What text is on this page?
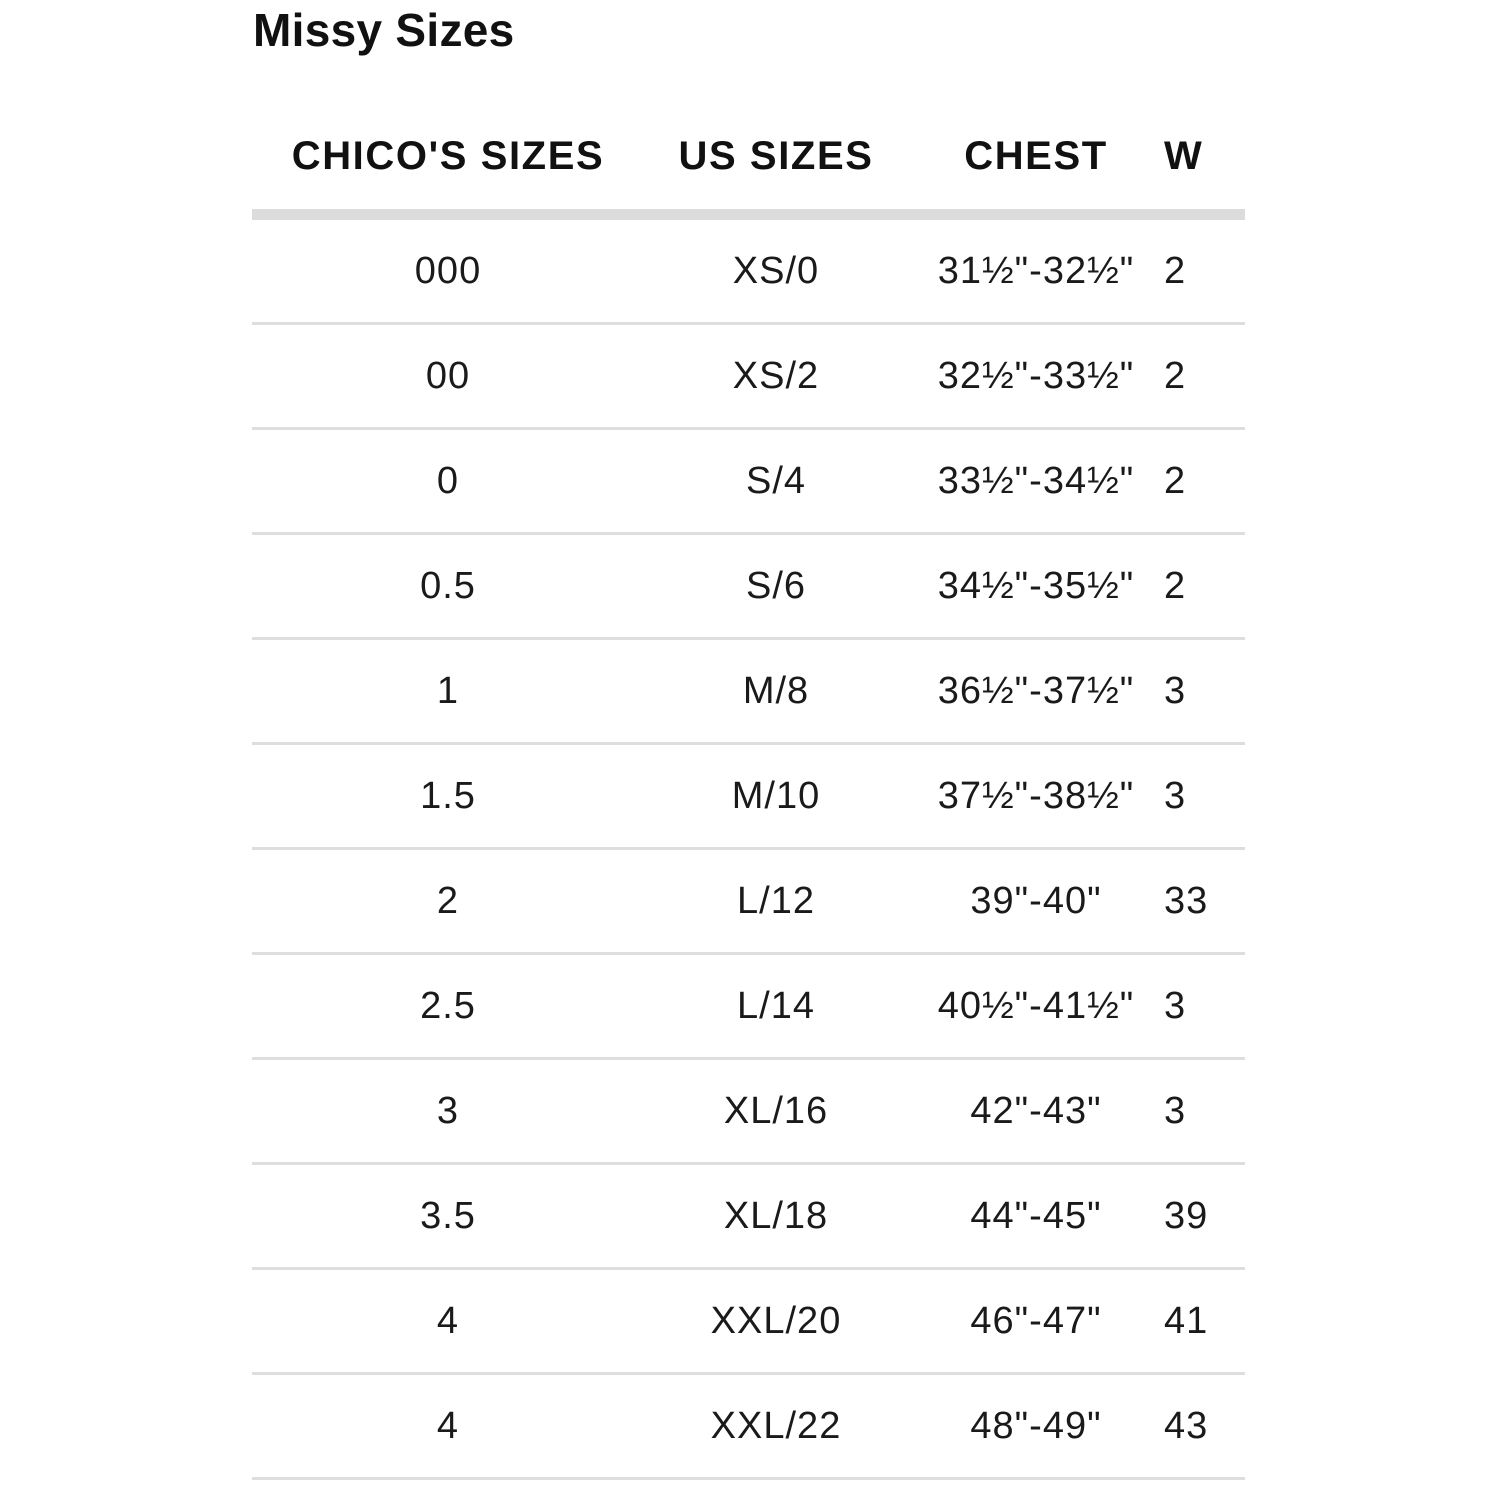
Missy Sizes
CHICO'S SIZES	US SIZES	CHEST	W
000	XS/0	31½"-32½"	2
00	XS/2	32½"-33½"	2
0	S/4	33½"-34½"	2
0.5	S/6	34½"-35½"	2
1	M/8	36½"-37½"	3
1.5	M/10	37½"-38½"	3
2	L/12	39"-40"	33
2.5	L/14	40½"-41½"	3
3	XL/16	42"-43"	3
3.5	XL/18	44"-45"	39
4	XXL/20	46"-47"	41
4	XXL/22	48"-49"	43
